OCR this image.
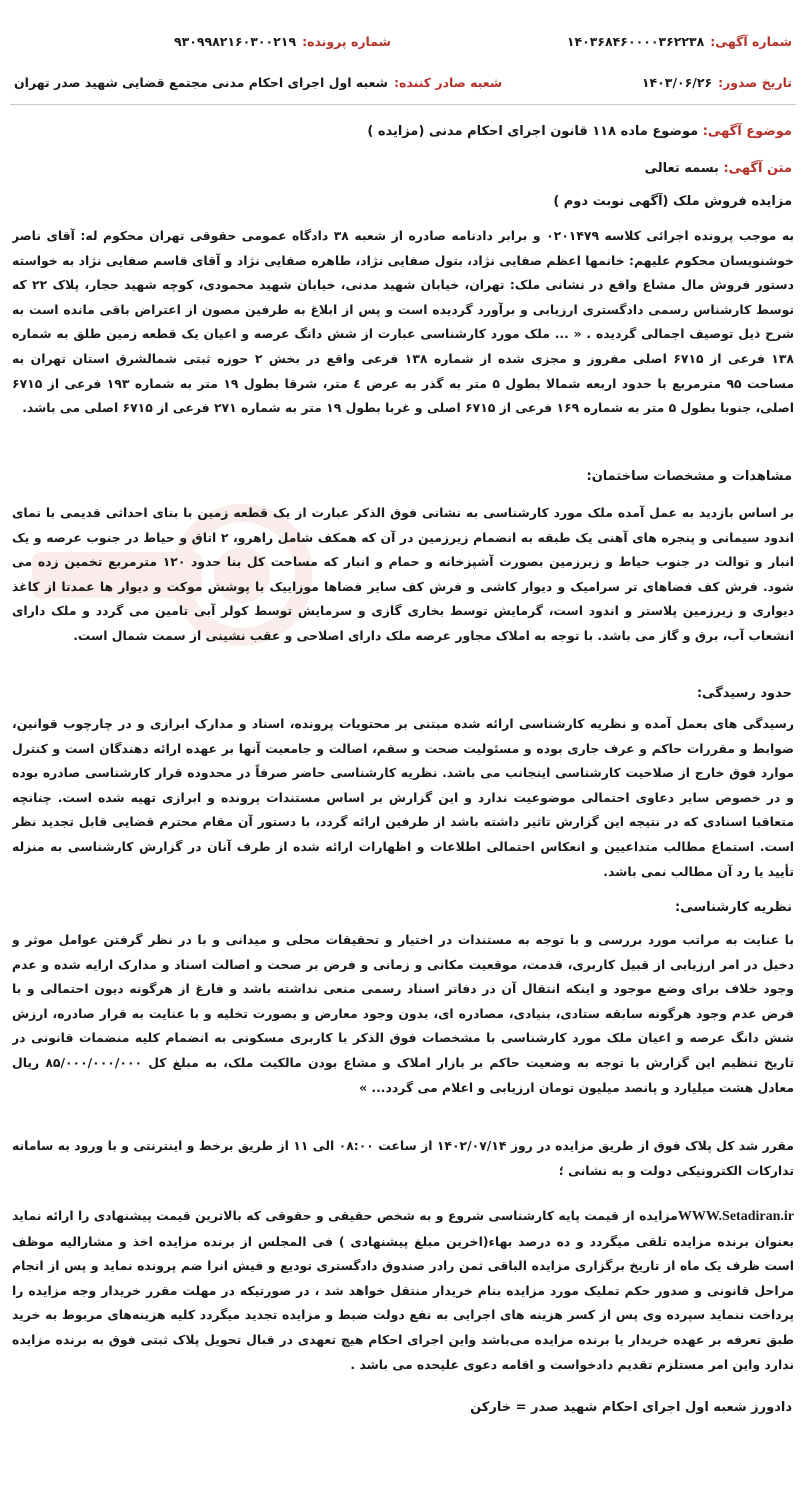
شماره آگهی:
۱۴۰۳۶۸۴۶۰۰۰۰۳۶۲۲۳۸
شماره پرونده:
۹۳۰۹۹۸۲۱۶۰۳۰۰۲۱۹
تاریخ صدور:
۱۴۰۳/۰۶/۲۶
شعبه صادر کننده:
شعبه اول اجرای احکام مدنی مجتمع قضایی شهید صدر تهران
موضوع آگهی: موضوع ماده ۱۱۸ قانون اجرای احکام مدنی (مزایده )
متن آگهی: بسمه تعالی
مزایده فروش ملک (آگهی نوبت دوم )

به موجب پرونده اجرائی کلاسه ۰۲۰۱۴۷۹ و برابر دادنامه صادره از شعبه ۳۸ دادگاه عمومی حقوقی تهران محکوم له: آقای ناصر خوشنویسان محکوم علیهم: خانمها اعظم صفایی نژاد، بتول صفایی نژاد، طاهره صفایی نژاد و آقای قاسم صفایی نژاد به خواسته دستور فروش مال مشاع واقع در نشانی ملک: تهران، خیابان شهید مدنی، خیابان شهید محمودی، کوچه شهید حجار، پلاک ۲۲ که توسط کارشناس رسمی دادگستری ارزیابی و برآورد گردیده است و پس از ابلاغ به طرفین مصون از اعتراض باقی مانده است به شرح ذیل توصیف اجمالی گردیده . « ... ملک مورد کارشناسی عبارت از شش دانگ عرصه و اعیان یک قطعه زمین طلق به شماره ۱۳۸ فرعی از ۶۷۱۵ اصلی مفروز و مجزی شده از شماره ۱۳۸ فرعی واقع در بخش ۲ حوزه ثبتی شمالشرق استان تهران به مساحت ۹۵ مترمربع با حدود اربعه شمالا بطول ۵ متر به گذر به عرض ٤ متر، شرقا بطول ۱۹ متر به شماره ۱۹۳ فرعی از ۶۷۱۵ اصلی، جنوبا بطول ۵ متر به شماره ۱۶۹ فرعی از ۶۷۱۵ اصلی و غربا بطول ۱۹ متر به شماره ۲۷۱ فرعی از ۶۷۱۵ اصلی می باشد.

مشاهدات و مشخصات ساختمان:

بر اساس بازدید به عمل آمده ملک مورد کارشناسی به نشانی فوق الذکر عبارت از یک قطعه زمین با بنای احداثی قدیمی با نمای اندود سیمانی و پنجره های آهنی یک طبقه به انضمام زیرزمین در آن که همکف شامل راهرو، ۲ اتاق و حیاط در جنوب عرصه و یک انبار و توالت در جنوب حیاط و زیرزمین بصورت آشپزخانه و حمام و انبار که مساحت کل بنا حدود ۱۲۰ مترمربع تخمین زده می شود. فرش کف فضاهای تر سرامیک و دیوار کاشی و فرش کف سایر فضاها موزاییک با پوشش موکت و دیوار ها عمدتا از کاغذ دیواری و زیرزمین پلاستر و اندود است، گرمایش توسط بخاری گازی و سرمایش توسط کولر آبی تامین می گردد و ملک دارای انشعاب آب، برق و گاز می باشد. با توجه به املاک مجاور عرصه ملک دارای اصلاحی و عقب نشینی از سمت شمال است.

حدود رسیدگی:

رسیدگی های بعمل آمده و نظریه کارشناسی ارائه شده مبتنی بر محتویات پرونده، اسناد و مدارک ابرازی و در چارچوب قوانین، ضوابط و مقررات حاکم و عرف جاری بوده و مسئولیت صحت و سقم، اصالت و جامعیت آنها بر عهده ارائه دهندگان است و کنترل موارد فوق خارج از صلاحیت کارشناسی اینجانب می باشد. نظریه کارشناسی حاضر صرفاً در محدوده قرار کارشناسی صادره بوده و در خصوص سایر دعاوی احتمالی موضوعیت ندارد و این گزارش بر اساس مستندات پرونده و ابرازی تهیه شده است. چنانچه متعاقبا اسنادی که در نتیجه این گزارش تاثیر داشته باشد از طرفین ارائه گردد، با دستور آن مقام محترم قضایی قابل تجدید نظر است. استماع مطالب متداعیین و انعکاس احتمالی اطلاعات و اظهارات ارائه شده از طرف آنان در گزارش کارشناسی به منزله تأیید یا رد آن مطالب نمی باشد.

نظریه کارشناسی:

با عنایت به مراتب مورد بررسی و با توجه به مستندات در اختیار و تحقیقات محلی و میدانی و با در نظر گرفتن عوامل موثر و دخیل در امر ارزیابی از قبیل کاربری، قدمت، موقعیت مکانی و زمانی و فرض بر صحت و اصالت اسناد و مدارک ارایه شده و عدم وجود خلاف برای وضع موجود و اینکه انتقال آن در دفاتر اسناد رسمی منعی نداشته باشد و فارغ از هرگونه دیون احتمالی و با فرض عدم وجود هرگونه سابقه ستادی، بنیادی، مصادره ای، بدون وجود معارض و بصورت تخلیه و با عنایت به قرار صادره، ارزش شش دانگ عرصه و اعیان ملک مورد کارشناسی با مشخصات فوق الذکر با کاربری مسکونی به انضمام کلیه منضمات قانونی در تاریخ تنظیم این گزارش با توجه به وضعیت حاکم بر بازار املاک و مشاع بودن مالکیت ملک، به مبلغ کل ۸۵/۰۰۰/۰۰۰/۰۰۰ ریال معادل هشت میلیارد و پانصد میلیون تومان ارزیابی و اعلام می گردد... »

مقرر شد کل پلاک فوق از طریق مزایده در روز ۱۴۰۲/۰۷/۱۴ از ساعت ۰۸:۰۰ الی ۱۱ از طریق برخط و اینترنتی و با ورود به سامانه تدارکات الکترونیکی دولت و به نشانی ؛

WWW.Setadiran.irمزایده از قیمت پایه کارشناسی شروع و به شخص حقیقی و حقوقی که بالاترین قیمت پیشنهادی را ارائه نماید بعنوان برنده مزایده تلقی میگردد و ده درصد بهاء(اخرین مبلغ پیشنهادی ) فی المجلس از برنده مزایده اخذ و مشارالیه موظف است ظرف یک ماه از تاریخ برگزاری مزایده الباقی ثمن رادر صندوق دادگستری تودیع و فیش انرا ضم پرونده نماید و پس از انجام مراحل قانونی و صدور حکم تملیک مورد مزایده بنام خریدار منتقل خواهد شد ، در صورتیکه در مهلت مقرر خریدار وجه مزایده را پرداخت ننماید سپرده وی پس از کسر هزینه های اجرایی به نفع دولت ضبط و مزایده تجدید میگردد کلیه هزینه‌های مربوط به خرید طبق تعرفه بر عهده خریدار یا برنده مزایده می‌باشد واین اجرای احکام هیچ تعهدی در قبال تحویل پلاک ثبتی فوق به برنده مزایده ندارد واین امر مستلزم تقدیم دادخواست و اقامه دعوی علیحده می باشد .

دادورز شعبه اول اجرای احکام شهید صدر = خارکن
